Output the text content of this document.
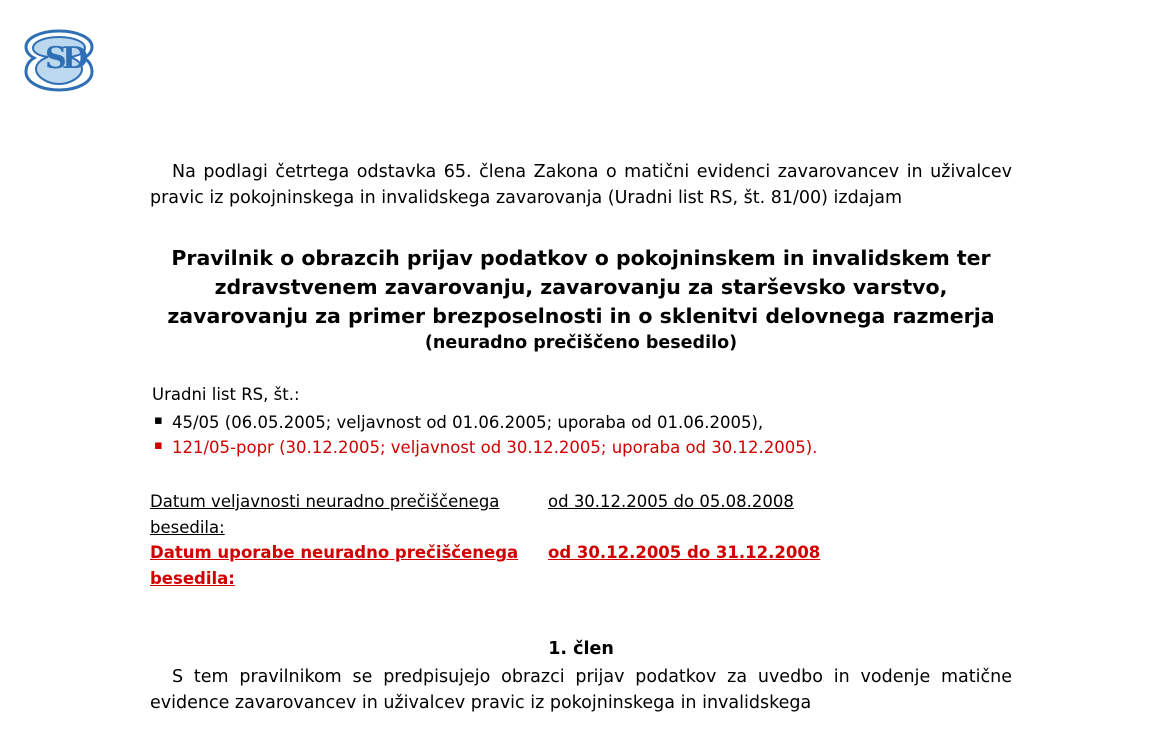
S
D

Na podlagi četrtega odstavka 65. člena Zakona o matični evidenci zavarovancev in uživalcev pravic iz pokojninskega in invalidskega zavarovanja (Uradni list RS, št. 81/00) izdajam

Pravilnik o obrazcih prijav podatkov o pokojninskem in invalidskem ter zdravstvenem zavarovanju, zavarovanju za starševsko varstvo, zavarovanju za primer brezposelnosti in o sklenitvi delovnega razmerja

(neuradno prečiščeno besedilo)

Uradni list RS, št.:

▪ 45/05 (06.05.2005; veljavnost od 01.06.2005; uporaba od 01.06.2005),
▪ 121/05-popr (30.12.2005; veljavnost od 30.12.2005; uporaba od 30.12.2005).
Datum veljavnosti neuradno prečiščenega besedila:
od 30.12.2005 do 05.08.2008
Datum uporabe neuradno prečiščenega besedila:
od 30.12.2005 do 31.12.2008

1. člen

S tem pravilnikom se predpisujejo obrazci prijav podatkov za uvedbo in vodenje matične evidence zavarovancev in uživalcev pravic iz pokojninskega in invalidskega
